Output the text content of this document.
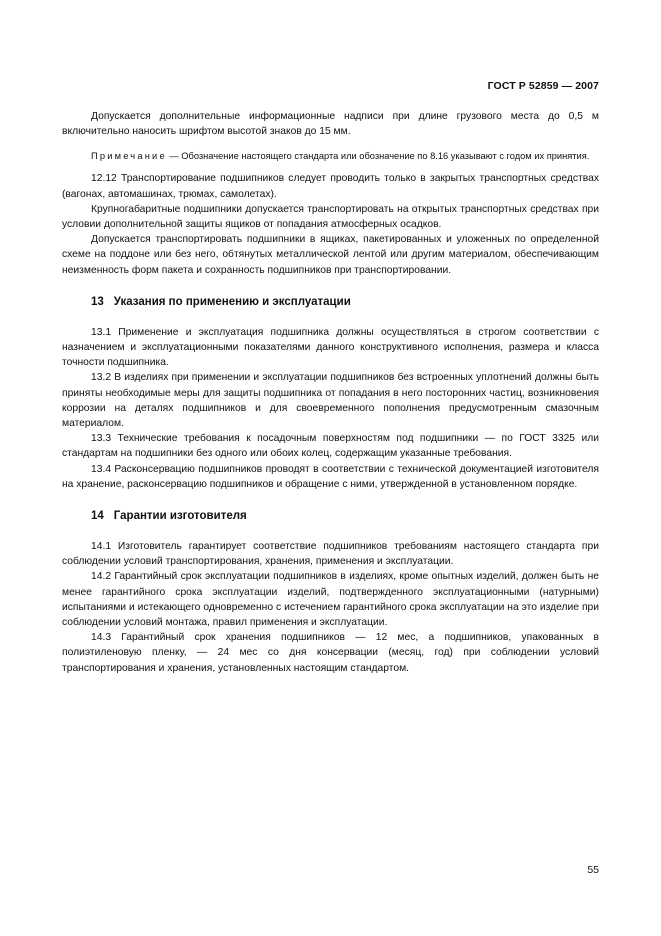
ГОСТ Р 52859 — 2007

Допускается дополнительные информационные надписи при длине грузового места до 0,5 м включительно наносить шрифтом высотой знаков до 15 мм.

Примечание — Обозначение настоящего стандарта или обозначение по 8.16 указывают с годом их принятия.

12.12 Транспортирование подшипников следует проводить только в закрытых транспортных средствах (вагонах, автомашинах, трюмах, самолетах).

Крупногабаритные подшипники допускается транспортировать на открытых транспортных средствах при условии дополнительной защиты ящиков от попадания атмосферных осадков.

Допускается транспортировать подшипники в ящиках, пакетированных и уложенных по определенной схеме на поддоне или без него, обтянутых металлической лентой или другим материалом, обеспечивающим неизменность форм пакета и сохранность подшипников при транспортировании.

13 Указания по применению и эксплуатации

13.1 Применение и эксплуатация подшипника должны осуществляться в строгом соответствии с назначением и эксплуатационными показателями данного конструктивного исполнения, размера и класса точности подшипника.

13.2 В изделиях при применении и эксплуатации подшипников без встроенных уплотнений должны быть приняты необходимые меры для защиты подшипника от попадания в него посторонних частиц, возникновения коррозии на деталях подшипников и для своевременного пополнения предусмотренным смазочным материалом.

13.3 Технические требования к посадочным поверхностям под подшипники — по ГОСТ 3325 или стандартам на подшипники без одного или обоих колец, содержащим указанные требования.

13.4 Расконсервацию подшипников проводят в соответствии с технической документацией изготовителя на хранение, расконсервацию подшипников и обращение с ними, утвержденной в установленном порядке.

14 Гарантии изготовителя

14.1 Изготовитель гарантирует соответствие подшипников требованиям настоящего стандарта при соблюдении условий транспортирования, хранения, применения и эксплуатации.

14.2 Гарантийный срок эксплуатации подшипников в изделиях, кроме опытных изделий, должен быть не менее гарантийного срока эксплуатации изделий, подтвержденного эксплуатационными (натурными) испытаниями и истекающего одновременно с истечением гарантийного срока эксплуатации на это изделие при соблюдении условий монтажа, правил применения и эксплуатации.

14.3 Гарантийный срок хранения подшипников — 12 мес, а подшипников, упакованных в полиэтиленовую пленку, — 24 мес со дня консервации (месяц, год) при соблюдении условий транспортирования и хранения, установленных настоящим стандартом.

55
